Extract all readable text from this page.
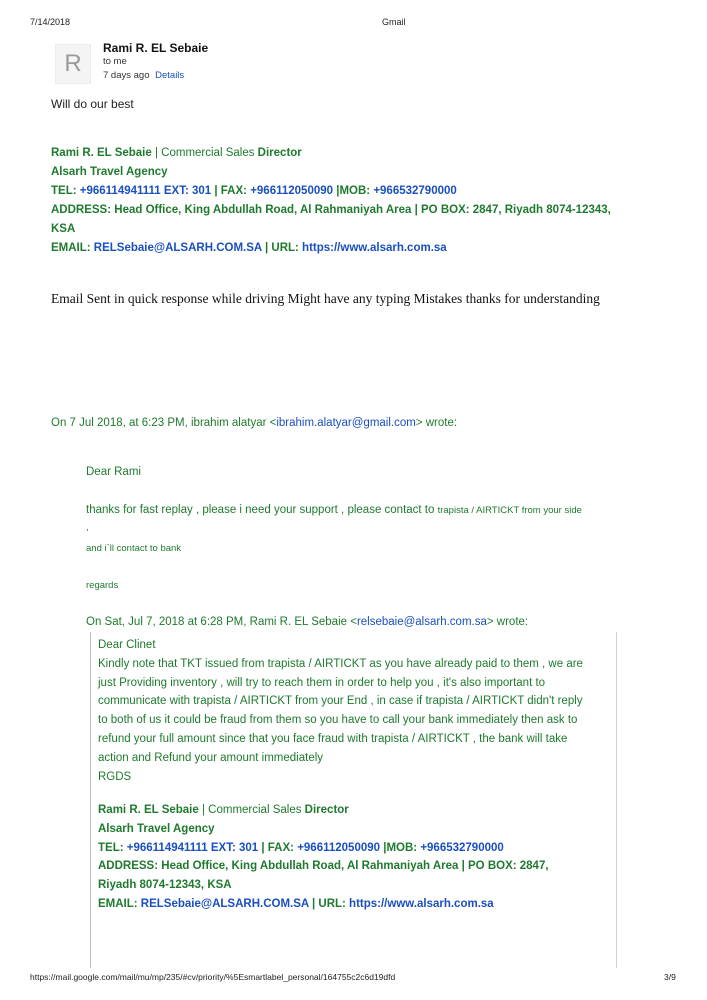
7/14/2018	Gmail
R
Rami R. EL Sebaie
to me
7 days ago Details
Will do our best
Rami R. EL Sebaie | Commercial Sales Director
Alsarh Travel Agency
TEL: +966114941111 EXT: 301 | FAX: +966112050090 |MOB: +966532790000
ADDRESS: Head Office, King Abdullah Road, Al Rahmaniyah Area | PO BOX: 2847, Riyadh 8074-12343,
KSA
EMAIL: RELSebaie@ALSARH.COM.SA | URL: https://www.alsarh.com.sa
Email Sent in quick response while driving Might have any typing Mistakes thanks for understanding
On 7 Jul 2018, at 6:23 PM, ibrahim alatyar <ibrahim.alatyar@gmail.com> wrote:
Dear Rami
thanks for fast replay , please i need your support , please contact to trapista / AIRTICKT from your side
,
and i`ll contact to bank
regards
On Sat, Jul 7, 2018 at 6:28 PM, Rami R. EL Sebaie <relsebaie@alsarh.com.sa> wrote:
Dear Clinet
Kindly note that TKT issued from trapista / AIRTICKT as you have already paid to them , we are
just Providing inventory , will try to reach them in order to help you , it's also important to
communicate with trapista / AIRTICKT from your End , in case if trapista / AIRTICKT didn't reply
to both of us it could be fraud from them so you have to call your bank immediately then ask to
refund your full amount since that you face fraud with trapista / AIRTICKT , the bank will take
action and Refund your amount immediately
RGDS
Rami R. EL Sebaie | Commercial Sales Director
Alsarh Travel Agency
TEL: +966114941111 EXT: 301 | FAX: +966112050090 |MOB: +966532790000
ADDRESS: Head Office, King Abdullah Road, Al Rahmaniyah Area | PO BOX: 2847,
Riyadh 8074-12343, KSA
EMAIL: RELSebaie@ALSARH.COM.SA | URL: https://www.alsarh.com.sa
https://mail.google.com/mail/mu/mp/235/#cv/priority/%5Esmartlabel_personal/164755c2c6d19dfd	3/9
